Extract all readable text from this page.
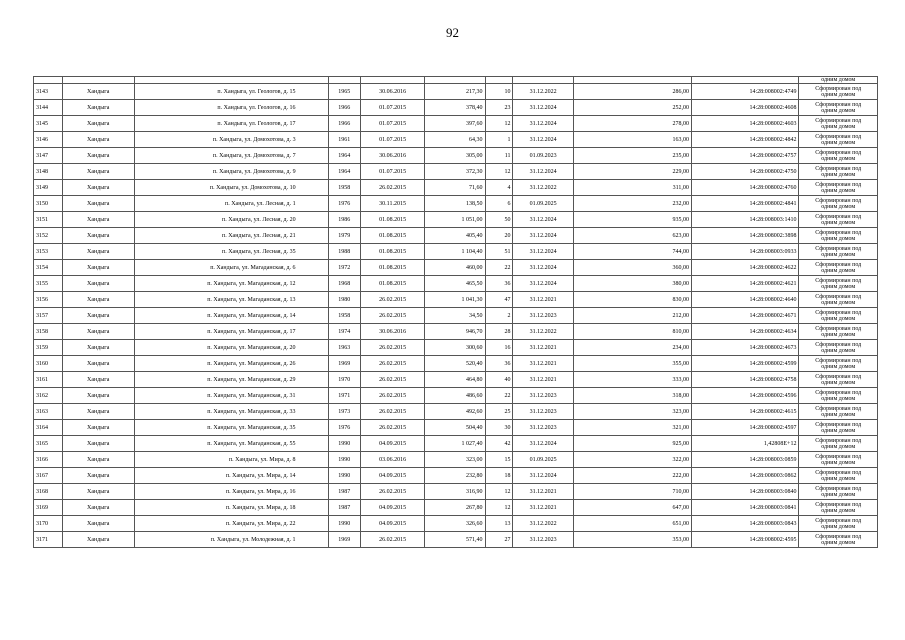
92
										одним домом
3143	Хандыга	п. Хандыга, ул. Геологов, д. 15	1965	30.06.2016	217,30	10	31.12.2022	286,00	14:28:008002:4749	Сформирован под
одним домом

3144	Хандыга	п. Хандыга, ул. Геологов, д. 16	1966	01.07.2015	378,40	23	31.12.2024	252,00	14:28:008002:4608	Сформирован под
одним домом

3145	Хандыга	п. Хандыга, ул. Геологов, д. 17	1966	01.07.2015	397,60	12	31.12.2024	278,00	14:28:008002:4603	Сформирован под
одним домом

3146	Хандыга	п. Хандыга, ул. Домохотова, д. 3	1961	01.07.2015	64,30	1	31.12.2024	163,00	14:28:008002:4842	Сформирован под
одним домом

3147	Хандыга	п. Хандыга, ул. Домохотова, д. 7	1964	30.06.2016	305,00	11	01.09.2023	235,00	14:28:008002:4757	Сформирован под
одним домом

3148	Хандыга	п. Хандыга, ул. Домохотова, д. 9	1964	01.07.2015	372,30	12	31.12.2024	229,00	14:28:008002:4750	Сформирован под
одним домом

3149	Хандыга	п. Хандыга, ул. Домохотова, д. 10	1958	26.02.2015	71,60	4	31.12.2022	311,00	14:28:008002:4760	Сформирован под
одним домом

3150	Хандыга	п. Хандыга, ул. Лесная, д. 1	1976	30.11.2015	138,50	6	01.09.2025	232,00	14:28:008002:4841	Сформирован под
одним домом

3151	Хандыга	п. Хандыга, ул. Лесная, д. 20	1986	01.08.2015	1 051,00	50	31.12.2024	935,00	14:28:008003:1410	Сформирован под
одним домом

3152	Хандыга	п. Хандыга, ул. Лесная, д. 21	1979	01.08.2015	405,40	20	31.12.2024	623,00	14:28:008002:3898	Сформирован под
одним домом

3153	Хандыга	п. Хандыга, ул. Лесная, д. 35	1988	01.08.2015	1 104,40	51	31.12.2024	744,00	14:28:008003:0933	Сформирован под
одним домом

3154	Хандыга	п. Хандыга, ул. Магаданская, д. 6	1972	01.08.2015	460,00	22	31.12.2024	360,00	14:28:008002:4622	Сформирован под
одним домом

3155	Хандыга	п. Хандыга, ул. Магаданская, д. 12	1968	01.08.2015	465,50	36	31.12.2024	380,00	14:28:008002:4621	Сформирован под
одним домом

3156	Хандыга	п. Хандыга, ул. Магаданская, д. 13	1980	26.02.2015	1 041,30	47	31.12.2021	830,00	14:28:008002:4640	Сформирован под
одним домом

3157	Хандыга	п. Хандыга, ул. Магаданская, д. 14	1958	26.02.2015	34,50	2	31.12.2023	212,00	14:28:008002:4671	Сформирован под
одним домом

3158	Хандыга	п. Хандыга, ул. Магаданская, д. 17	1974	30.06.2016	946,70	28	31.12.2022	810,00	14:28:008002:4634	Сформирован под
одним домом

3159	Хандыга	п. Хандыга, ул. Магаданская, д. 20	1963	26.02.2015	300,60	16	31.12.2021	234,00	14:28:008002:4673	Сформирован под
одним домом

3160	Хандыга	п. Хандыга, ул. Магаданская, д. 26	1969	26.02.2015	520,40	36	31.12.2021	355,00	14:28:008002:4599	Сформирован под
одним домом

3161	Хандыга	п. Хандыга, ул. Магаданская, д. 29	1970	26.02.2015	464,80	40	31.12.2021	333,00	14:28:008002:4758	Сформирован под
одним домом

3162	Хандыга	п. Хандыга, ул. Магаданская, д. 31	1971	26.02.2015	486,60	22	31.12.2023	318,00	14:28:008002:4596	Сформирован под
одним домом

3163	Хандыга	п. Хандыга, ул. Магаданская, д. 33	1973	26.02.2015	492,60	25	31.12.2023	323,00	14:28:008002:4615	Сформирован под
одним домом

3164	Хандыга	п. Хандыга, ул. Магаданская, д. 35	1976	26.02.2015	504,40	30	31.12.2023	321,00	14:28:008002:4597	Сформирован под
одним домом

3165	Хандыга	п. Хандыга, ул. Магаданская, д. 55	1990	04.09.2015	1 027,40	42	31.12.2024	925,00	1,42808E+12	Сформирован под
одним домом

3166	Хандыга	п. Хандыга, ул. Мира, д. 8	1990	03.06.2016	323,00	15	01.09.2025	322,00	14:28:008003:0859	Сформирован под
одним домом

3167	Хандыга	п. Хандыга, ул. Мира, д. 14	1990	04.09.2015	232,80	18	31.12.2024	222,00	14:28:008003:0862	Сформирован под
одним домом

3168	Хандыга	п. Хандыга, ул. Мира, д. 16	1987	26.02.2015	316,90	12	31.12.2021	710,00	14:28:008003:0840	Сформирован под
одним домом

3169	Хандыга	п. Хандыга, ул. Мира, д. 18	1987	04.09.2015	267,80	12	31.12.2021	647,00	14:28:008003:0841	Сформирован под
одним домом

3170	Хандыга	п. Хандыга, ул. Мира, д. 22	1990	04.09.2015	326,60	13	31.12.2022	651,00	14:28:008003:0843	Сформирован под
одним домом

3171	Хандыга	п. Хандыга, ул. Молодежная, д. 1	1969	26.02.2015	571,40	27	31.12.2023	353,00	14:28:008002:4595	Сформирован под
одним домом
